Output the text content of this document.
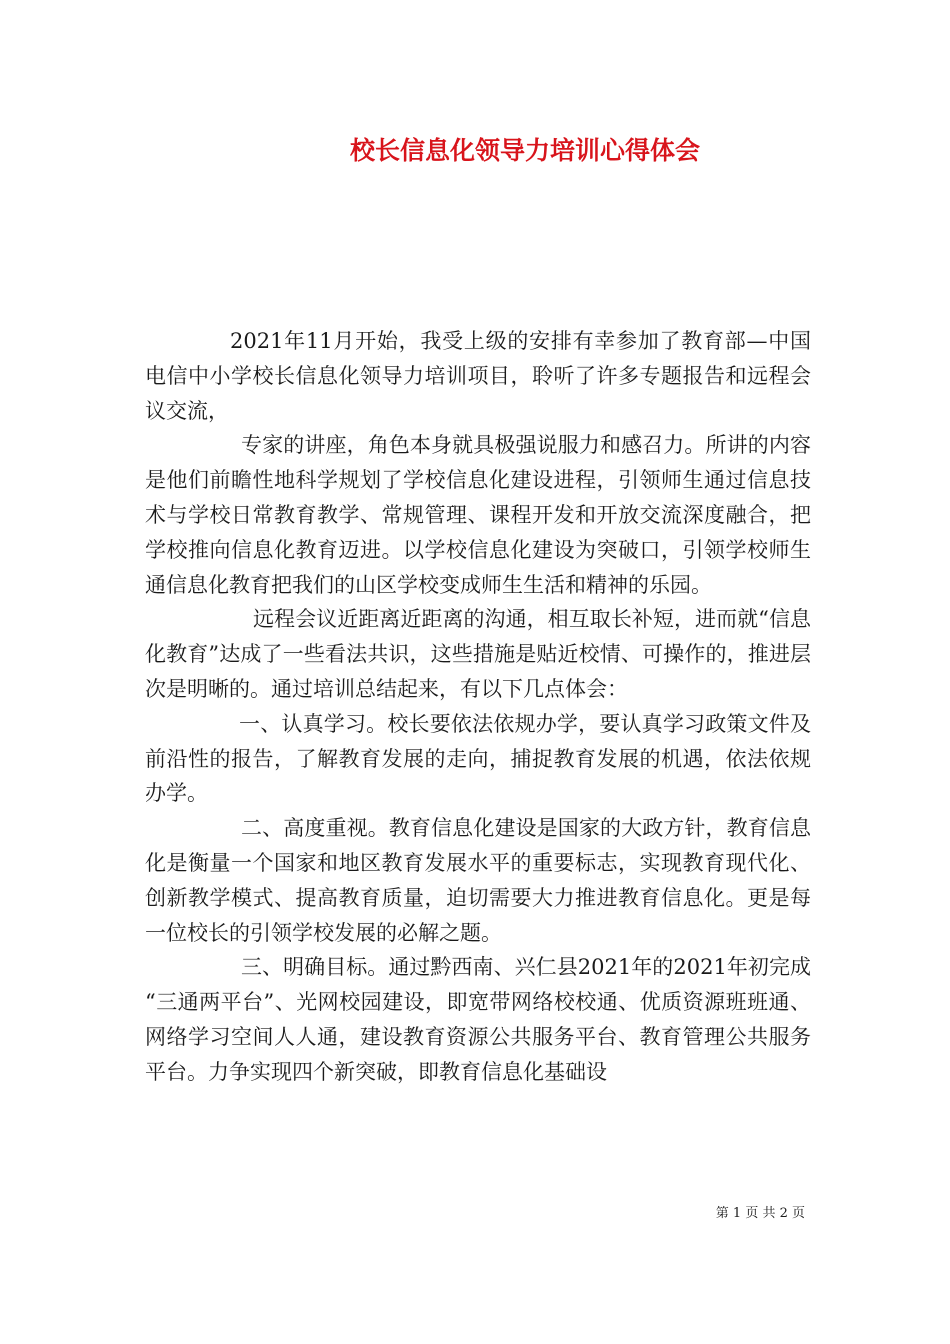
校长信息化领导力培训心得体会

2021年11月开始，我受上级的安排有幸参加了教育部—中国电信中小学校长信息化领导力培训项目，聆听了许多专题报告和远程会议交流，

专家的讲座，角色本身就具极强说服力和感召力。所讲的内容是他们前瞻性地科学规划了学校信息化建设进程，引领师生通过信息技术与学校日常教育教学、常规管理、课程开发和开放交流深度融合，把学校推向信息化教育迈进。以学校信息化建设为突破口，引领学校师生通信息化教育把我们的山区学校变成师生生活和精神的乐园。

远程会议近距离近距离的沟通，相互取长补短，进而就“信息化教育”达成了一些看法共识，这些措施是贴近校情、可操作的，推进层次是明晰的。通过培训总结起来，有以下几点体会：

一、认真学习。校长要依法依规办学，要认真学习政策文件及前沿性的报告，了解教育发展的走向，捕捉教育发展的机遇，依法依规办学。

二、高度重视。教育信息化建设是国家的大政方针，教育信息化是衡量一个国家和地区教育发展水平的重要标志，实现教育现代化、创新教学模式、提高教育质量，迫切需要大力推进教育信息化。更是每一位校长的引领学校发展的必解之题。

三、明确目标。通过黔西南、兴仁县2021年的2021年初完成“三通两平台”、光网校园建设，即宽带网络校校通、优质资源班班通、网络学习空间人人通，建设教育资源公共服务平台、教育管理公共服务平台。力争实现四个新突破，即教育信息化基础设

第 1 页 共 2 页
